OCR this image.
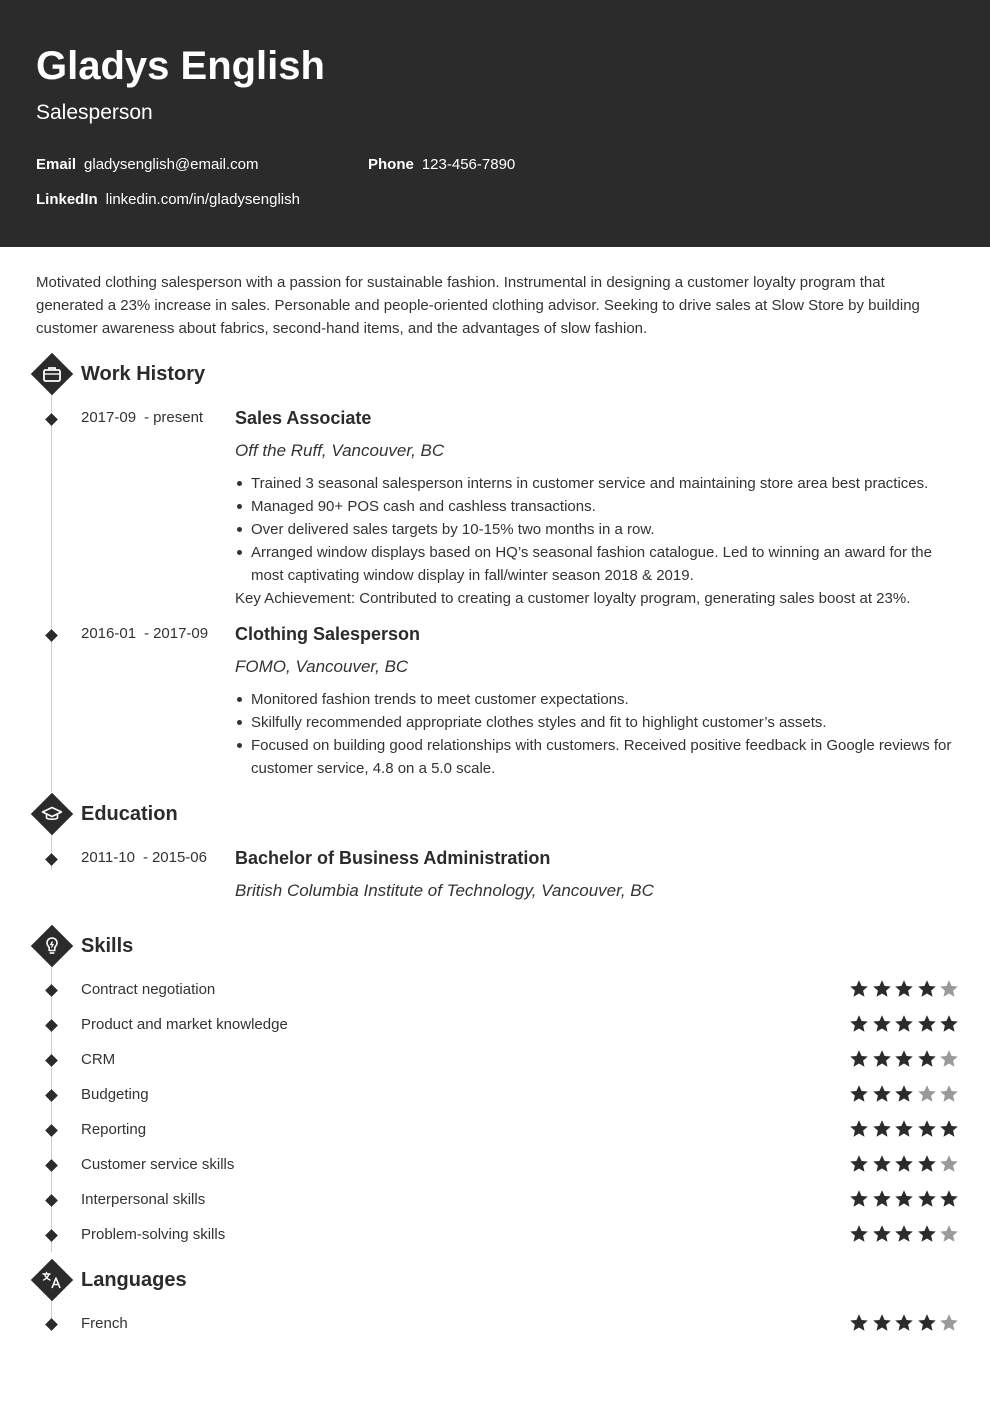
Gladys English
Salesperson
Email gladysenglish@email.com	Phone 123-456-7890
LinkedIn linkedin.com/in/gladysenglish
Motivated clothing salesperson with a passion for sustainable fashion. Instrumental in designing a customer loyalty program that generated a 23% increase in sales. Personable and people-oriented clothing advisor. Seeking to drive sales at Slow Store by building customer awareness about fabrics, second-hand items, and the advantages of slow fashion.
Work History
2017-09 - present Sales Associate
Off the Ruff, Vancouver, BC
Trained 3 seasonal salesperson interns in customer service and maintaining store area best practices.
Managed 90+ POS cash and cashless transactions.
Over delivered sales targets by 10-15% two months in a row.
Arranged window displays based on HQ’s seasonal fashion catalogue. Led to winning an award for the most captivating window display in fall/winter season 2018 & 2019.
Key Achievement: Contributed to creating a customer loyalty program, generating sales boost at 23%.
2016-01 - 2017-09 Clothing Salesperson
FOMO, Vancouver, BC
Monitored fashion trends to meet customer expectations.
Skilfully recommended appropriate clothes styles and fit to highlight customer’s assets.
Focused on building good relationships with customers. Received positive feedback in Google reviews for customer service, 4.8 on a 5.0 scale.
Education
2011-10 - 2015-06 Bachelor of Business Administration
British Columbia Institute of Technology, Vancouver, BC
Skills
Contract negotiation
Product and market knowledge
CRM
Budgeting
Reporting
Customer service skills
Interpersonal skills
Problem-solving skills
Languages
French
